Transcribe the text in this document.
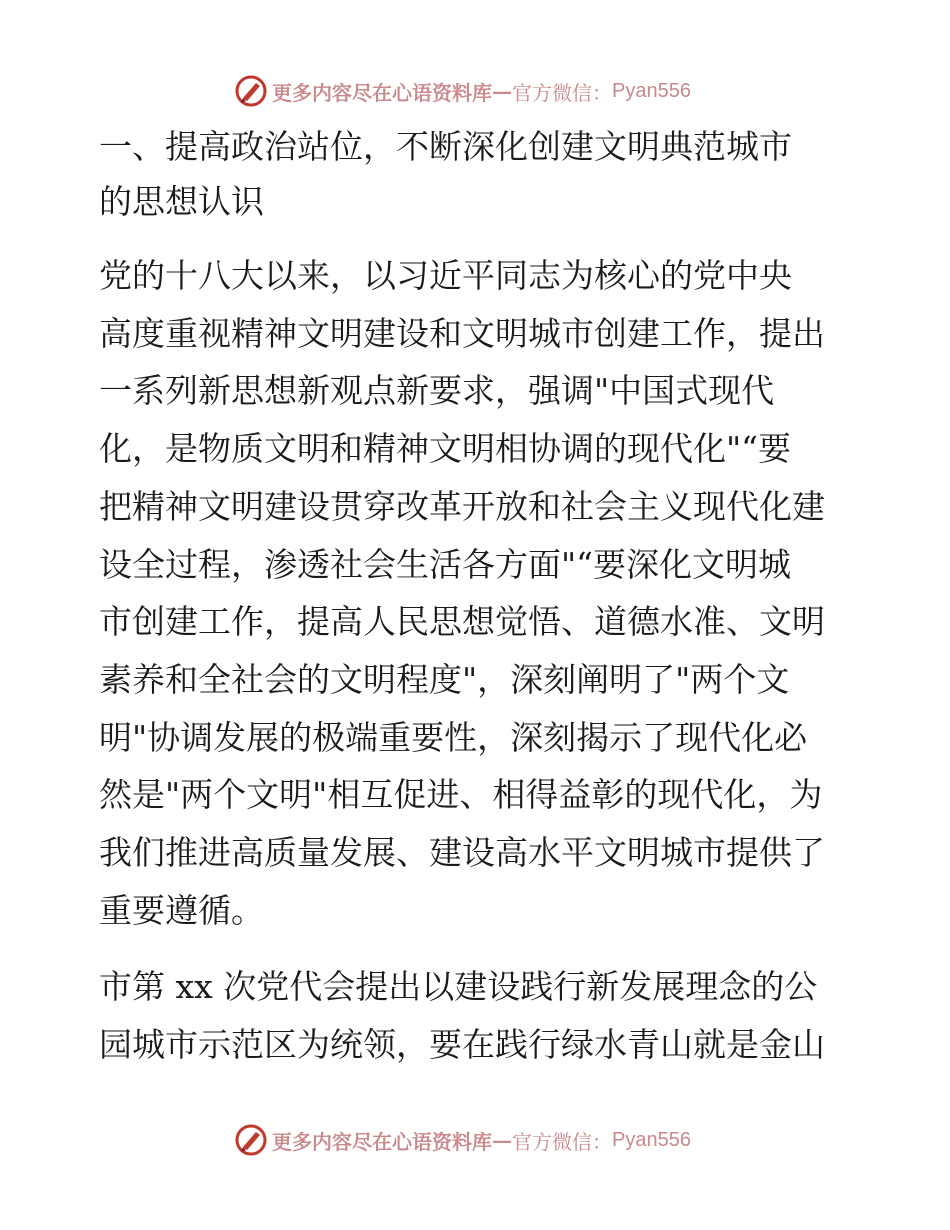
更多内容尽在心语资料库 — 官方微信： Pyan556
一、提高政治站位，不断深化创建文明典范城市
的思想认识
党的十八大以来，以习近平同志为核心的党中央
高度重视精神文明建设和文明城市创建工作，提出
一系列新思想新观点新要求，强调"中国式现代
化，是物质文明和精神文明相协调的现代化"“要
把精神文明建设贯穿改革开放和社会主义现代化建
设全过程，渗透社会生活各方面"“要深化文明城
市创建工作，提高人民思想觉悟、道德水准、文明
素养和全社会的文明程度"，深刻阐明了"两个文
明"协调发展的极端重要性，深刻揭示了现代化必
然是"两个文明"相互促进、相得益彰的现代化，为
我们推进高质量发展、建设高水平文明城市提供了
重要遵循。
市第 xx 次党代会提出以建设践行新发展理念的公
园城市示范区为统领，要在践行绿水青山就是金山
更多内容尽在心语资料库 — 官方微信： Pyan556
